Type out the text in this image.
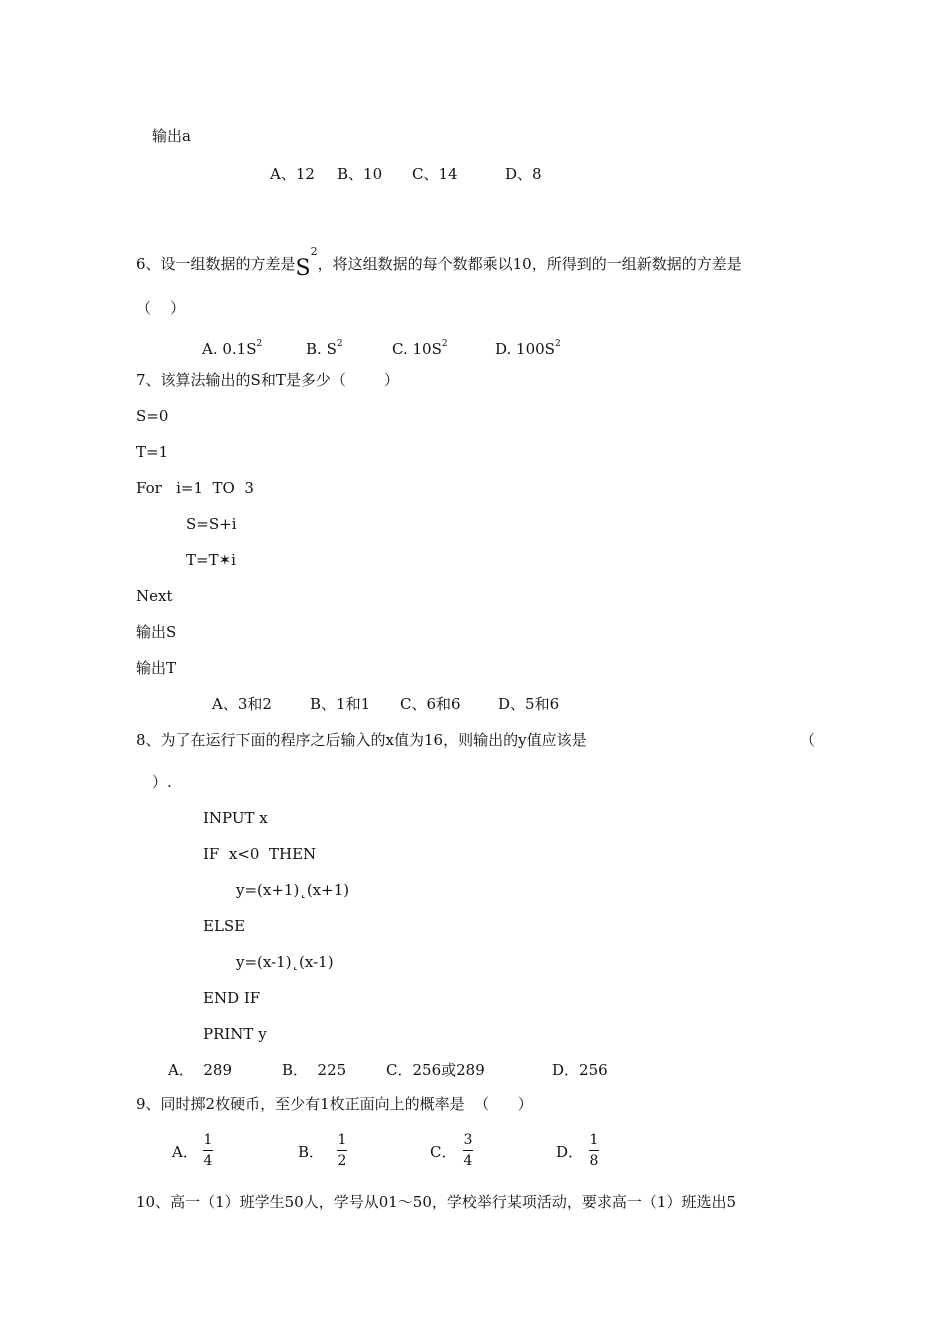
输出a
A、12 B、10 C、14	D、8
6、设一组数据的方差是$S^2$，将这组数据的每个数都乘以10，所得到的一组新数据的方差是
（    ）
A. $0.1S^2$	B. $S^2$	C. $10S^2$	D. $100S^2$
7、该算法输出的S和T是多少（        ）
S=0
T=1
For   i=1  TO  3
S=S+i
T=T✶i
Next
输出S
输出T
A、3和2	B、1和1 C、6和6 D、5和6
8、为了在运行下面的程序之后输入的x值为16，则输出的y值应该是	（
）.
INPUT x
IF  x<0  THEN
y=(x+1)˛(x+1)
ELSE
y=(x-1)˛(x-1)
END IF
PRINT y
A．  289	B．  225	C．256或289	D．256
9、同时掷2枚硬币，至少有1枚正面向上的概率是  （      ）
A．
1
4	B．
1
2	C．
3
4	D．
1
8
10、高一（1）班学生50人，学号从01～50，学校举行某项活动，要求高一（1）班选出5
